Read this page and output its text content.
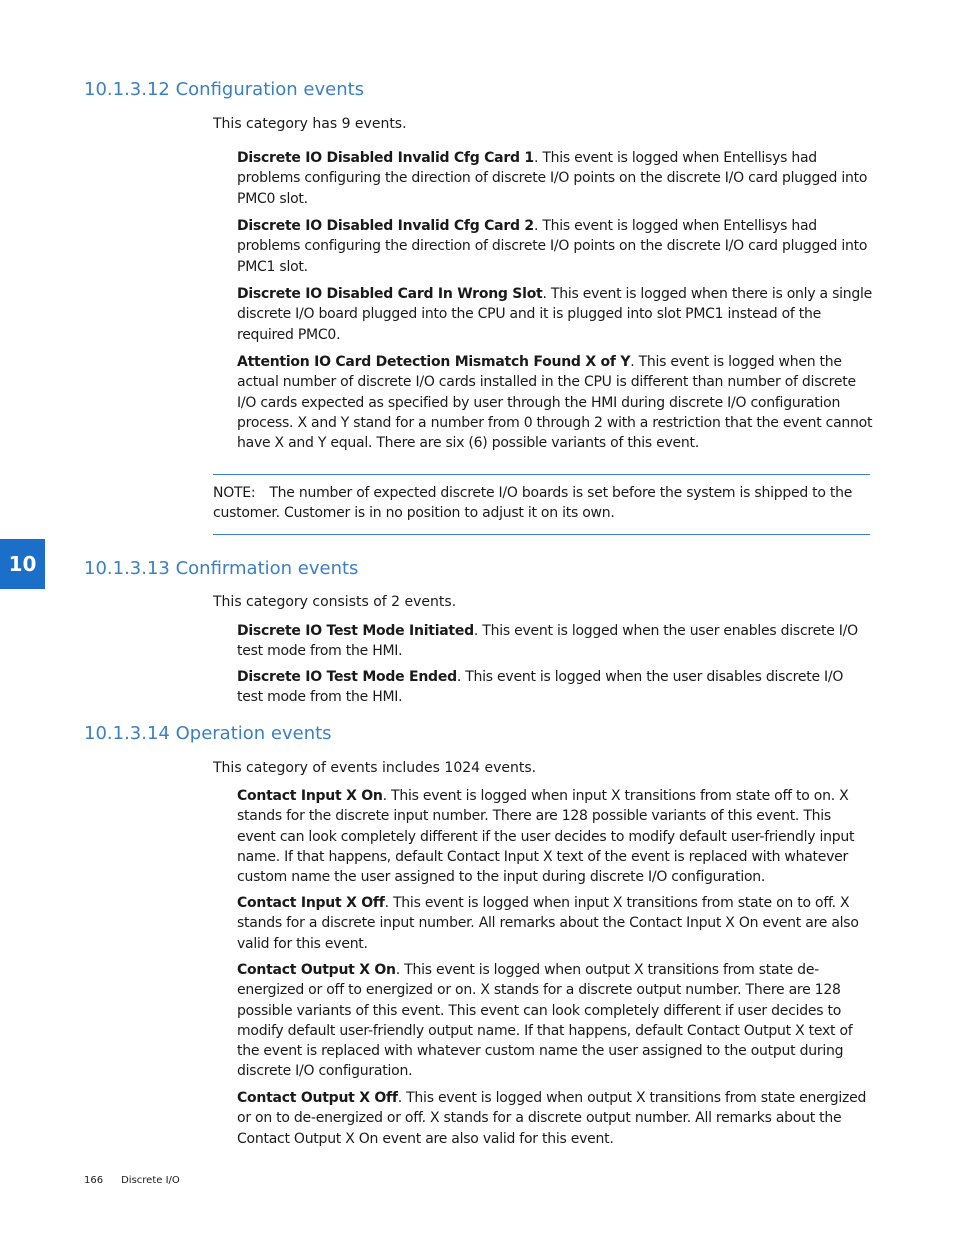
10.1.3.12 Configuration events

This category has 9 events.

Discrete IO Disabled Invalid Cfg Card 1. This event is logged when Entellisys had problems configuring the direction of discrete I/O points on the discrete I/O card plugged into PMC0 slot.

Discrete IO Disabled Invalid Cfg Card 2. This event is logged when Entellisys had problems configuring the direction of discrete I/O points on the discrete I/O card plugged into PMC1 slot.

Discrete IO Disabled Card In Wrong Slot. This event is logged when there is only a single discrete I/O board plugged into the CPU and it is plugged into slot PMC1 instead of the required PMC0.

Attention IO Card Detection Mismatch Found X of Y. This event is logged when the actual number of discrete I/O cards installed in the CPU is different than number of discrete I/O cards expected as specified by user through the HMI during discrete I/O configuration process. X and Y stand for a number from 0 through 2 with a restriction that the event cannot have X and Y equal. There are six (6) possible variants of this event.

NOTE: The number of expected discrete I/O boards is set before the system is shipped to the customer. Customer is in no position to adjust it on its own.

10	10.1.3.13 Confirmation events

This category consists of 2 events.

Discrete IO Test Mode Initiated. This event is logged when the user enables discrete I/O test mode from the HMI.

Discrete IO Test Mode Ended. This event is logged when the user disables discrete I/O test mode from the HMI.

10.1.3.14 Operation events

This category of events includes 1024 events.

Contact Input X On. This event is logged when input X transitions from state off to on. X stands for the discrete input number. There are 128 possible variants of this event. This event can look completely different if the user decides to modify default user-friendly input name. If that happens, default Contact Input X text of the event is replaced with whatever custom name the user assigned to the input during discrete I/O configuration.

Contact Input X Off. This event is logged when input X transitions from state on to off. X stands for a discrete input number. All remarks about the Contact Input X On event are also valid for this event.

Contact Output X On. This event is logged when output X transitions from state de-energized or off to energized or on. X stands for a discrete output number. There are 128 possible variants of this event. This event can look completely different if user decides to modify default user-friendly output name. If that happens, default Contact Output X text of the event is replaced with whatever custom name the user assigned to the output during discrete I/O configuration.

Contact Output X Off. This event is logged when output X transitions from state energized or on to de-energized or off. X stands for a discrete output number. All remarks about the Contact Output X On event are also valid for this event.

166 Discrete I/O
